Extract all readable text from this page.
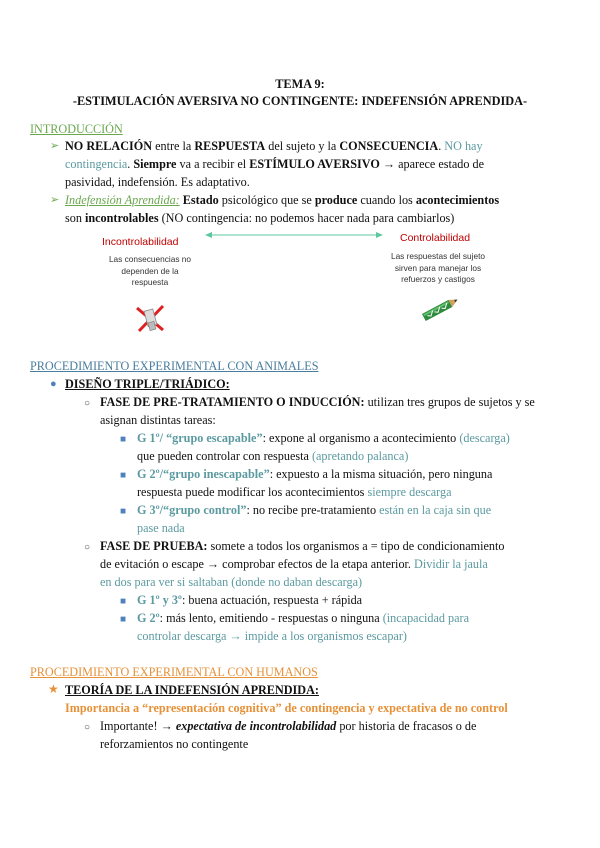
TEMA 9:
-ESTIMULACIÓN AVERSIVA NO CONTINGENTE: INDEFENSIÓN APRENDIDA-
INTRODUCCIÓN
➢ NO RELACIÓN entre la RESPUESTA del sujeto y la CONSECUENCIA. NO hay
contingencia. Siempre va a recibir el ESTÍMULO AVERSIVO → aparece estado de
pasividad, indefensión. Es adaptativo.
➢ Indefensión Aprendida: Estado psicológico que se produce cuando los acontecimientos
son incontrolables (NO contingencia: no podemos hacer nada para cambiarlos)
Incontrolabilidad	Controlabilidad
Las consecuencias no
dependen de la
respuesta
Las respuestas del sujeto
sirven para manejar los
refuerzos y castigos
PROCEDIMIENTO EXPERIMENTAL CON ANIMALES
● DISEÑO TRIPLE/TRIÁDICO:
○ FASE DE PRE-TRATAMIENTO O INDUCCIÓN: utilizan tres grupos de sujetos y se
asignan distintas tareas:
■ G 1º/ “grupo escapable”: expone al organismo a acontecimiento (descarga)
que pueden controlar con respuesta (apretando palanca)
■ G 2º/“grupo inescapable”: expuesto a la misma situación, pero ninguna
respuesta puede modificar los acontecimientos siempre descarga
■ G 3º/“grupo control”: no recibe pre-tratamiento están en la caja sin que
pase nada
○ FASE DE PRUEBA: somete a todos los organismos a = tipo de condicionamiento
de evitación o escape → comprobar efectos de la etapa anterior. Dividir la jaula
en dos para ver si saltaban (donde no daban descarga)
■ G 1º y 3º: buena actuación, respuesta + rápida
■ G 2º: más lento, emitiendo - respuestas o ninguna (incapacidad para
controlar descarga → impide a los organismos escapar)
PROCEDIMIENTO EXPERIMENTAL CON HUMANOS
★ TEORÍA DE LA INDEFENSIÓN APRENDIDA:
Importancia a “representación cognitiva” de contingencia y expectativa de no control
○ Importante! → expectativa de incontrolabilidad por historia de fracasos o de
reforzamientos no contingente
